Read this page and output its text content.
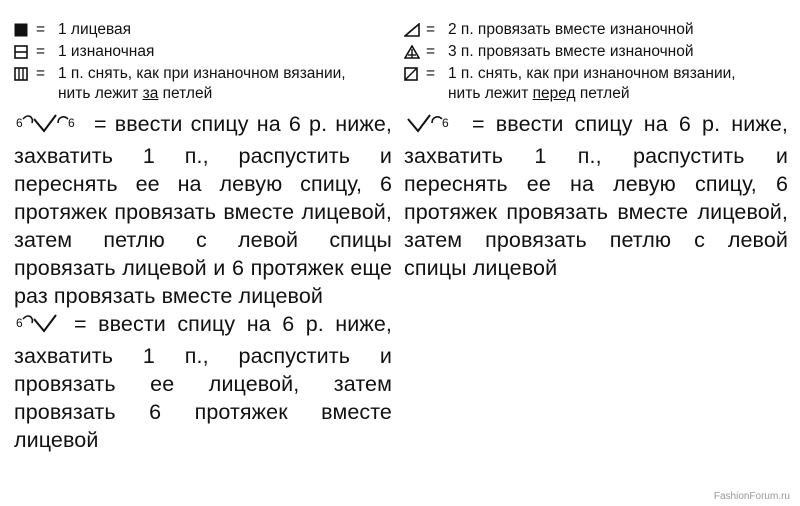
= 1 лицевая
= 1 изнаночная
= 1 п. снять, как при изнаночном вязании,
нить лежит за петлей
6	6 = ввести спицу на 6 р. ниже, захватить 1 п., распустить и переснять ее на левую спицу, 6 протяжек провязать вместе лицевой, затем петлю с левой спицы провязать лицевой и 6 протяжек еще раз провязать вместе лицевой
6 = ввести спицу на 6 р. ниже, захватить 1 п., распустить и провязать ее лицевой, затем провязать 6 протяжек вместе лицевой
= 2 п. провязать вместе изнаночной
= 3 п. провязать вместе изнаночной
= 1 п. снять, как при изнаночном вязании,
нить лежит перед петлей
6 = ввести спицу на 6 р. ниже, захватить 1 п., распустить и переснять ее на левую спицу, 6 протяжек провязать вместе лицевой, затем провязать петлю с левой спицы лицевой
FashionForum.ru
